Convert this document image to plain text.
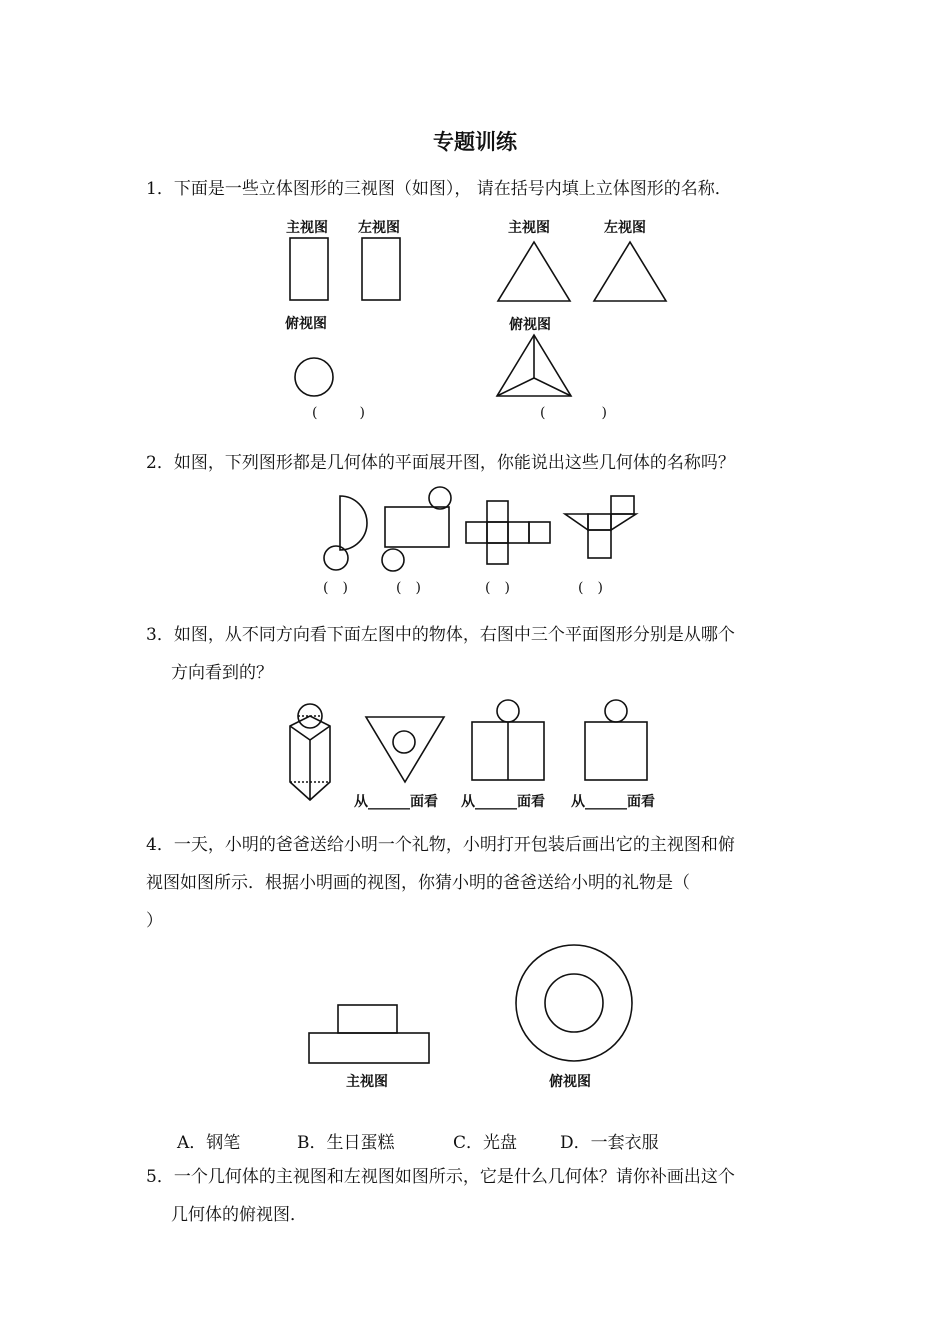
专题训练
1．下面是一些立体图形的三视图（如图）， 请在括号内填上立体图形的名称．
主视图 左视图
俯视图
(　　　)
主视图	左视图
俯视图
(　　　　)
2．如图，下列图形都是几何体的平面展开图，你能说出这些几何体的名称吗？
(　)	(　)	(　)	(　)
3．如图，从不同方向看下面左图中的物体，右图中三个平面图形分别是从哪个
方向看到的？
从______面看 从______面看 从______面看
4．一天，小明的爸爸送给小明一个礼物，小明打开包装后画出它的主视图和俯
视图如图所示．根据小明画的视图，你猜小明的爸爸送给小明的礼物是（
）
主视图	俯视图
A．钢笔	B．生日蛋糕	C．光盘	D．一套衣服
5．一个几何体的主视图和左视图如图所示，它是什么几何体？请你补画出这个
几何体的俯视图．
